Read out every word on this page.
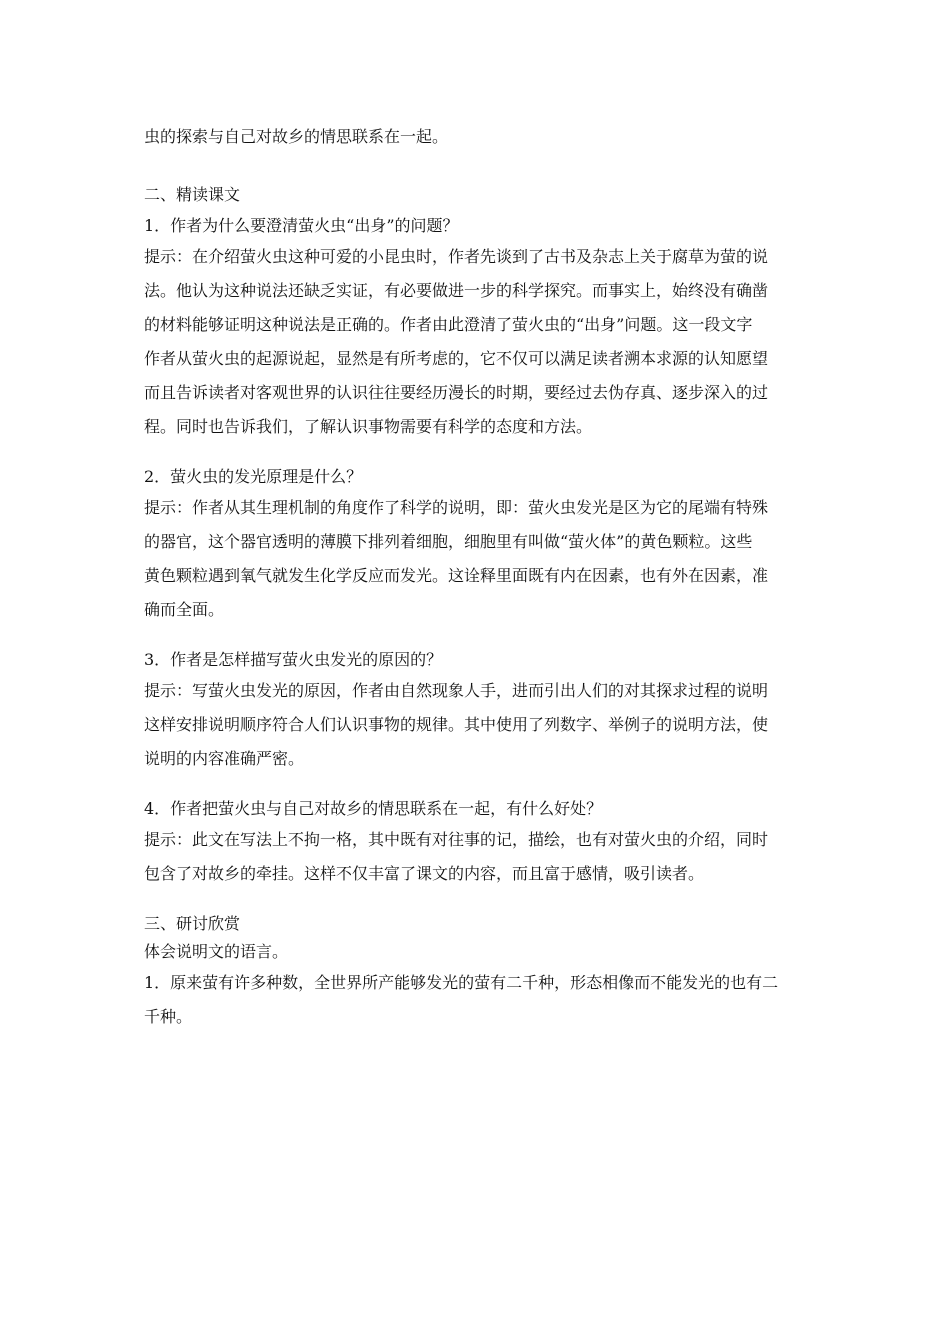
虫的探索与自己对故乡的情思联系在一起。
二、精读课文
1．作者为什么要澄清萤火虫“出身”的问题？
提示：在介绍萤火虫这种可爱的小昆虫时，作者先谈到了古书及杂志上关于腐草为萤的说
法。他认为这种说法还缺乏实证，有必要做进一步的科学探究。而事实上，始终没有确凿
的材料能够证明这种说法是正确的。作者由此澄清了萤火虫的“出身”问题。这一段文字
作者从萤火虫的起源说起，显然是有所考虑的，它不仅可以满足读者溯本求源的认知愿望
而且告诉读者对客观世界的认识往往要经历漫长的时期，要经过去伪存真、逐步深入的过
程。同时也告诉我们，了解认识事物需要有科学的态度和方法。
2．萤火虫的发光原理是什么？
提示：作者从其生理机制的角度作了科学的说明，即：萤火虫发光是区为它的尾端有特殊
的器官，这个器官透明的薄膜下排列着细胞，细胞里有叫做“萤火体”的黄色颗粒。这些
黄色颗粒遇到氧气就发生化学反应而发光。这诠释里面既有内在因素，也有外在因素，准
确而全面。
3．作者是怎样描写萤火虫发光的原因的？
提示：写萤火虫发光的原因，作者由自然现象人手，进而引出人们的对其探求过程的说明
这样安排说明顺序符合人们认识事物的规律。其中使用了列数字、举例子的说明方法，使
说明的内容准确严密。
4．作者把萤火虫与自己对故乡的情思联系在一起，有什么好处？
提示：此文在写法上不拘一格，其中既有对往事的记，描绘，也有对萤火虫的介绍，同时
包含了对故乡的牵挂。这样不仅丰富了课文的内容，而且富于感情，吸引读者。
三、研讨欣赏
体会说明文的语言。
1．原来萤有许多种数，全世界所产能够发光的萤有二千种，形态相像而不能发光的也有二
千种。
